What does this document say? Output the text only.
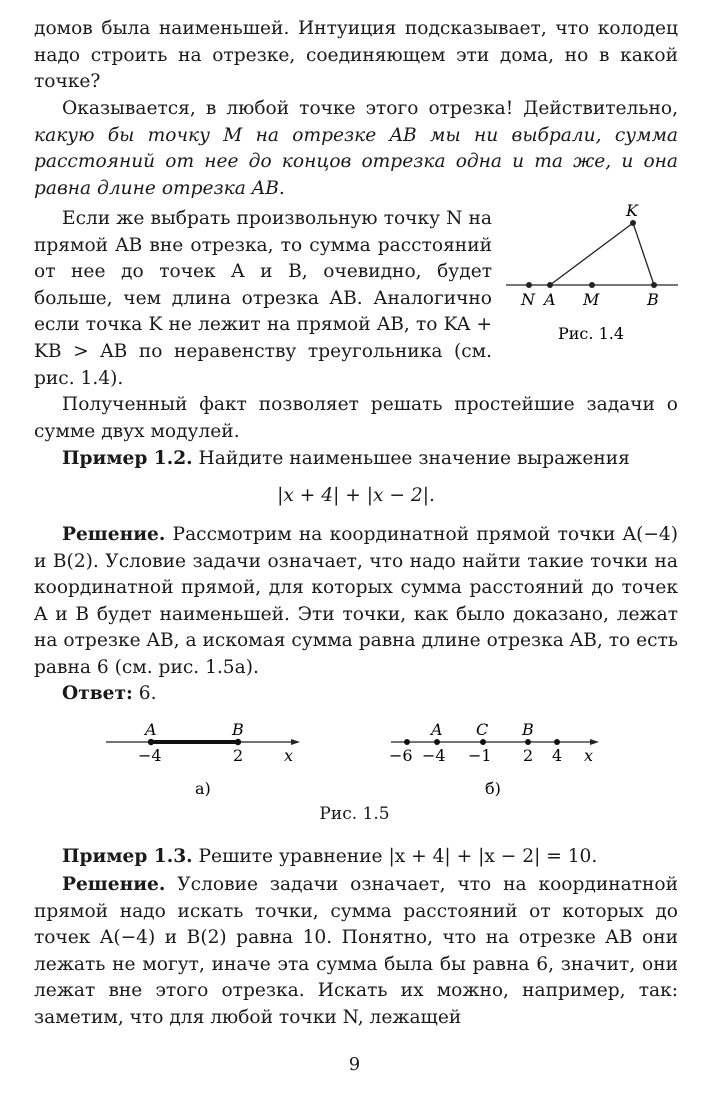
домов была наименьшей. Интуиция подсказывает, что колодец надо строить на отрезке, соединяющем эти дома, но в какой точке?
Оказывается, в любой точке этого отрезка! Действительно, какую бы точку M на отрезке AB мы ни выбрали, сумма расстояний от нее до концов отрезка одна и та же, и она равна длине отрезка AB.
Если же выбрать произвольную точку N на прямой AB вне отрезка, то сумма расстояний от нее до точек A и B, очевидно, будет больше, чем длина отрезка AB. Аналогично если точка K не лежит на прямой AB, то KA + KB > AB по неравенству треугольника (см. рис. 1.4).
K
N A M	B
Рис. 1.4
Полученный факт позволяет решать простейшие задачи о сумме двух модулей.
Пример 1.2. Найдите наименьшее значение выражения
|x + 4| + |x − 2|.
Решение. Рассмотрим на координатной прямой точки A(−4) и B(2). Условие задачи означает, что надо найти такие точки на координатной прямой, для которых сумма расстояний до точек A и B будет наименьшей. Эти точки, как было доказано, лежат на отрезке AB, а искомая сумма равна длине отрезка AB, то есть равна 6 (см. рис. 1.5а).
Ответ: 6.
A	B
−4	2	x
а)
A C B
−6 −4 −1 2 4 x
б)
Рис. 1.5
Пример 1.3. Решите уравнение |x + 4| + |x − 2| = 10.
Решение. Условие задачи означает, что на координатной прямой надо искать точки, сумма расстояний от которых до точек A(−4) и B(2) равна 10. Понятно, что на отрезке AB они лежать не могут, иначе эта сумма была бы равна 6, значит, они лежат вне этого отрезка. Искать их можно, например, так: заметим, что для любой точки N, лежащей
9
